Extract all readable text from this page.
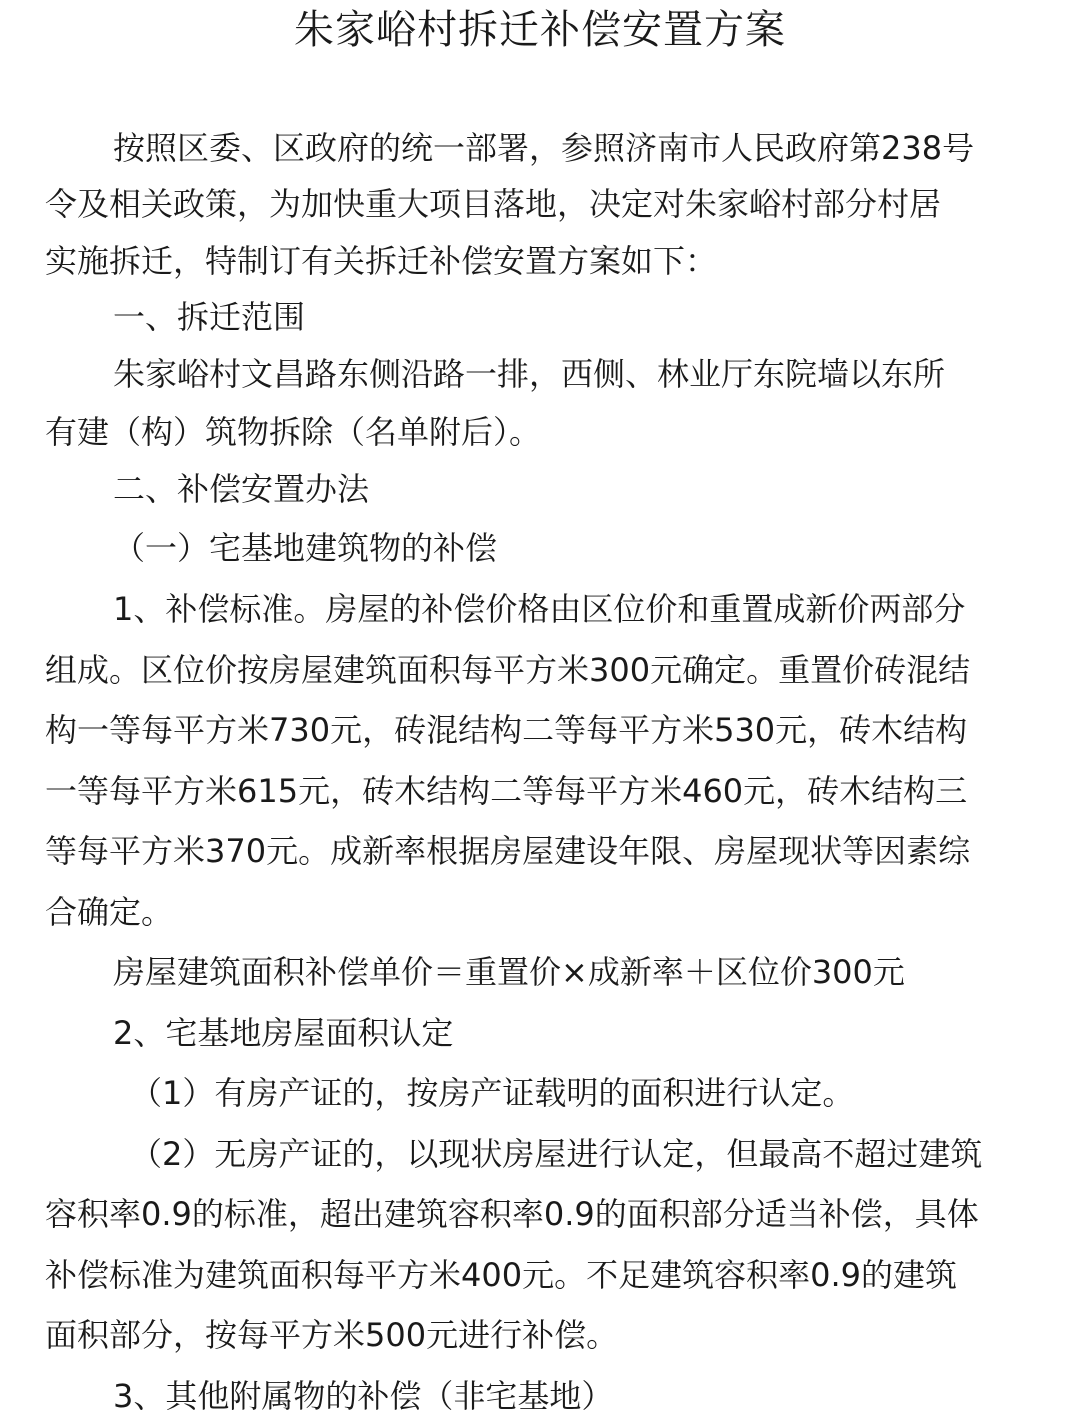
朱家峪村拆迁补偿安置方案
按照区委、区政府的统一部署，参照济南市人民政府第238号
令及相关政策，为加快重大项目落地，决定对朱家峪村部分村居
实施拆迁，特制订有关拆迁补偿安置方案如下：
一、拆迁范围
朱家峪村文昌路东侧沿路一排，西侧、林业厅东院墙以东所
有建（构）筑物拆除（名单附后）。
二、补偿安置办法
（一）宅基地建筑物的补偿
1、补偿标准。房屋的补偿价格由区位价和重置成新价两部分
组成。区位价按房屋建筑面积每平方米300元确定。重置价砖混结
构一等每平方米730元，砖混结构二等每平方米530元，砖木结构
一等每平方米615元，砖木结构二等每平方米460元，砖木结构三
等每平方米370元。成新率根据房屋建设年限、房屋现状等因素综
合确定。
房屋建筑面积补偿单价＝重置价×成新率＋区位价300元
2、宅基地房屋面积认定
（1）有房产证的，按房产证载明的面积进行认定。
（2）无房产证的，以现状房屋进行认定，但最高不超过建筑
容积率0.9的标准，超出建筑容积率0.9的面积部分适当补偿，具体
补偿标准为建筑面积每平方米400元。不足建筑容积率0.9的建筑
面积部分，按每平方米500元进行补偿。
3、其他附属物的补偿（非宅基地）
